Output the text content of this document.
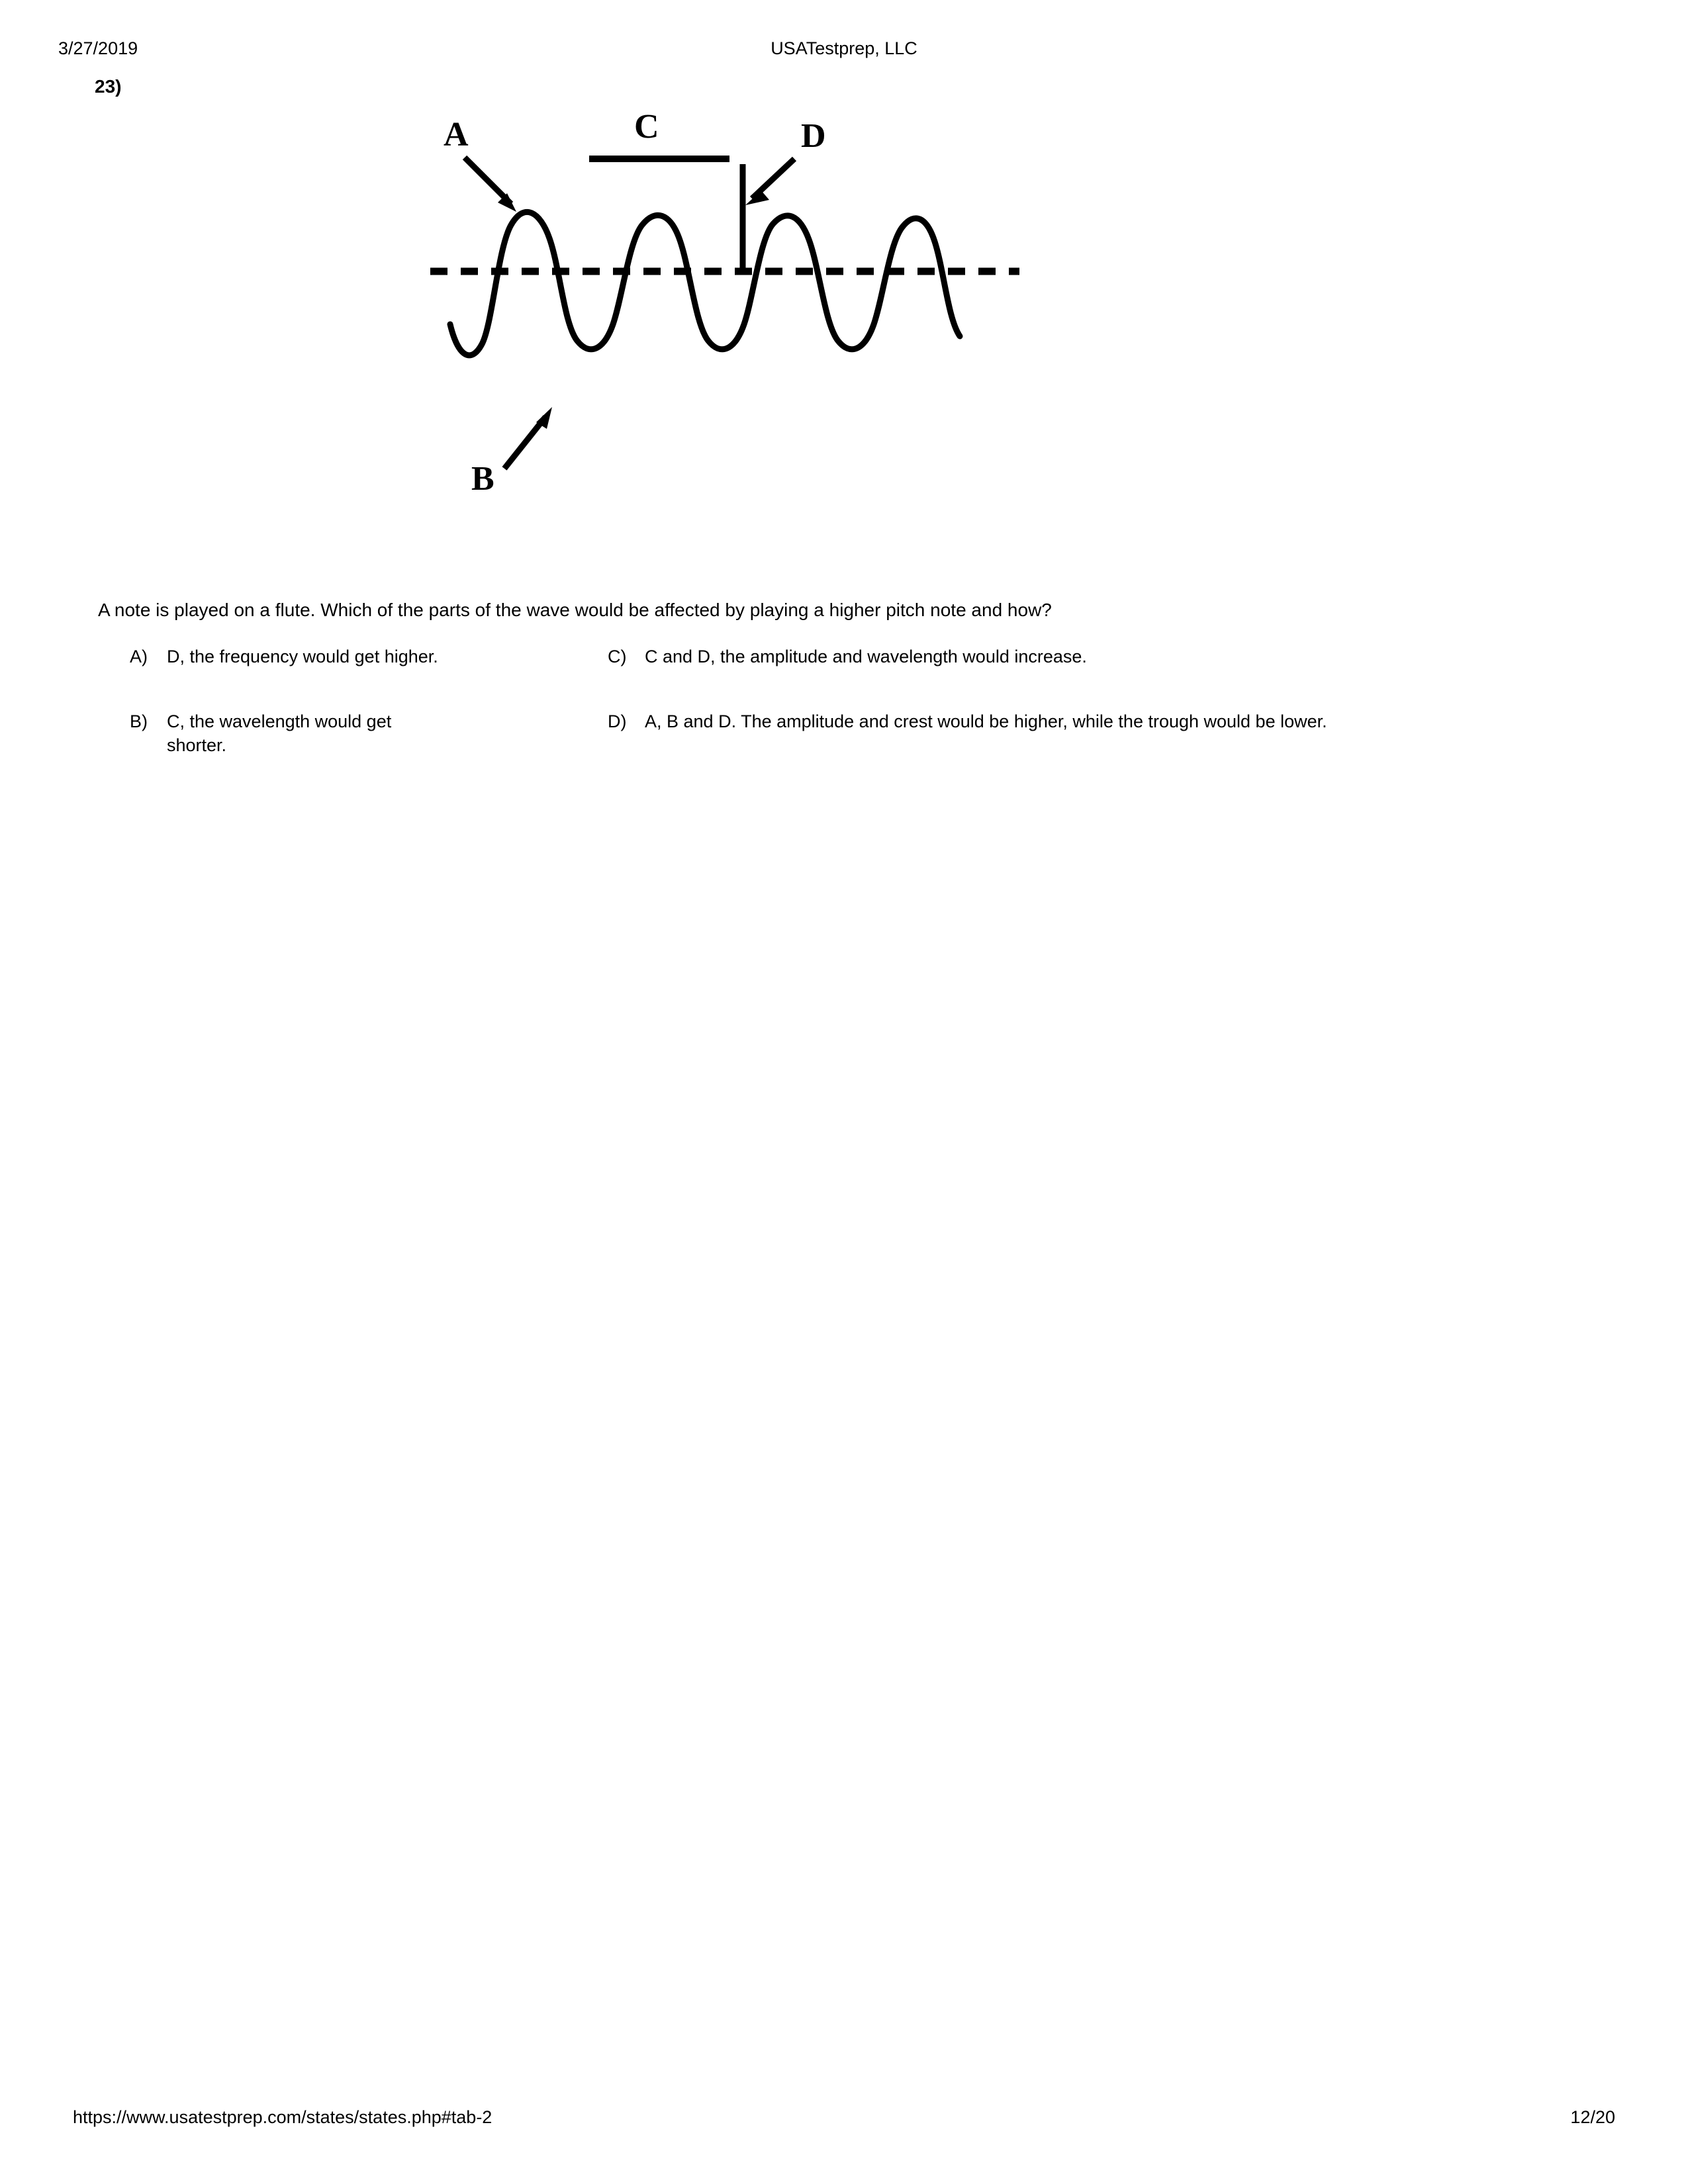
3/27/2019	USATestprep, LLC
23)
A
B
C	D
A note is played on a flute. Which of the parts of the wave would be affected by playing a higher pitch note and how?
A)	D, the frequency would get higher.	C)	C and D, the amplitude and wavelength would increase.
B)	C, the wavelength would get shorter.
D)	A, B and D. The amplitude and crest would be higher, while the trough would be lower.
https://www.usatestprep.com/states/states.php#tab-2	12/20
